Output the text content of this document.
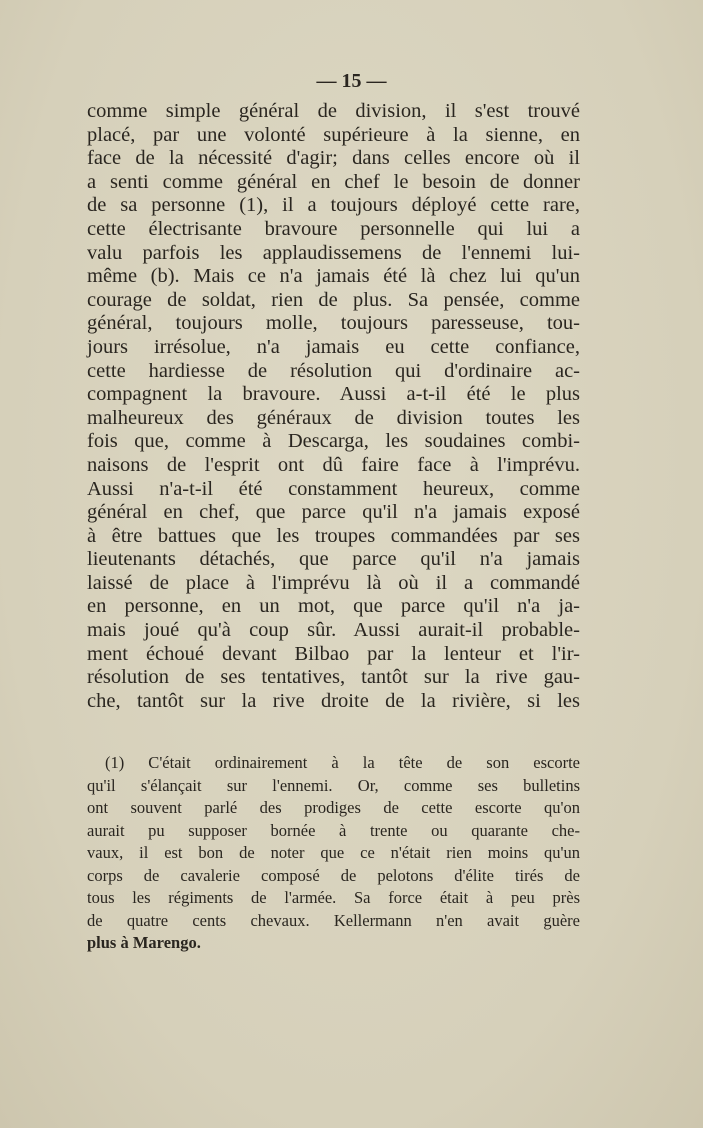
— 15 —
comme simple général de division, il s'est trouvé
placé, par une volonté supérieure à la sienne, en
face de la nécessité d'agir; dans celles encore où il
a senti comme général en chef le besoin de donner
de sa personne (1), il a toujours déployé cette rare,
cette électrisante bravoure personnelle qui lui a
valu parfois les applaudissemens de l'ennemi lui-
même (b). Mais ce n'a jamais été là chez lui qu'un
courage de soldat, rien de plus. Sa pensée, comme
général, toujours molle, toujours paresseuse, tou-
jours irrésolue, n'a jamais eu cette confiance,
cette hardiesse de résolution qui d'ordinaire ac-
compagnent la bravoure. Aussi a-t-il été le plus
malheureux des généraux de division toutes les
fois que, comme à Descarga, les soudaines combi-
naisons de l'esprit ont dû faire face à l'imprévu.
Aussi n'a-t-il été constamment heureux, comme
général en chef, que parce qu'il n'a jamais exposé
à être battues que les troupes commandées par ses
lieutenants détachés, que parce qu'il n'a jamais
laissé de place à l'imprévu là où il a commandé
en personne, en un mot, que parce qu'il n'a ja-
mais joué qu'à coup sûr. Aussi aurait-il probable-
ment échoué devant Bilbao par la lenteur et l'ir-
résolution de ses tentatives, tantôt sur la rive gau-
che, tantôt sur la rive droite de la rivière, si les
(1) C'était ordinairement à la tête de son escorte
qu'il s'élançait sur l'ennemi. Or, comme ses bulletins
ont souvent parlé des prodiges de cette escorte qu'on
aurait pu supposer bornée à trente ou quarante che-
vaux, il est bon de noter que ce n'était rien moins qu'un
corps de cavalerie composé de pelotons d'élite tirés de
tous les régiments de l'armée. Sa force était à peu près
de quatre cents chevaux. Kellermann n'en avait guère
plus à Marengo.
